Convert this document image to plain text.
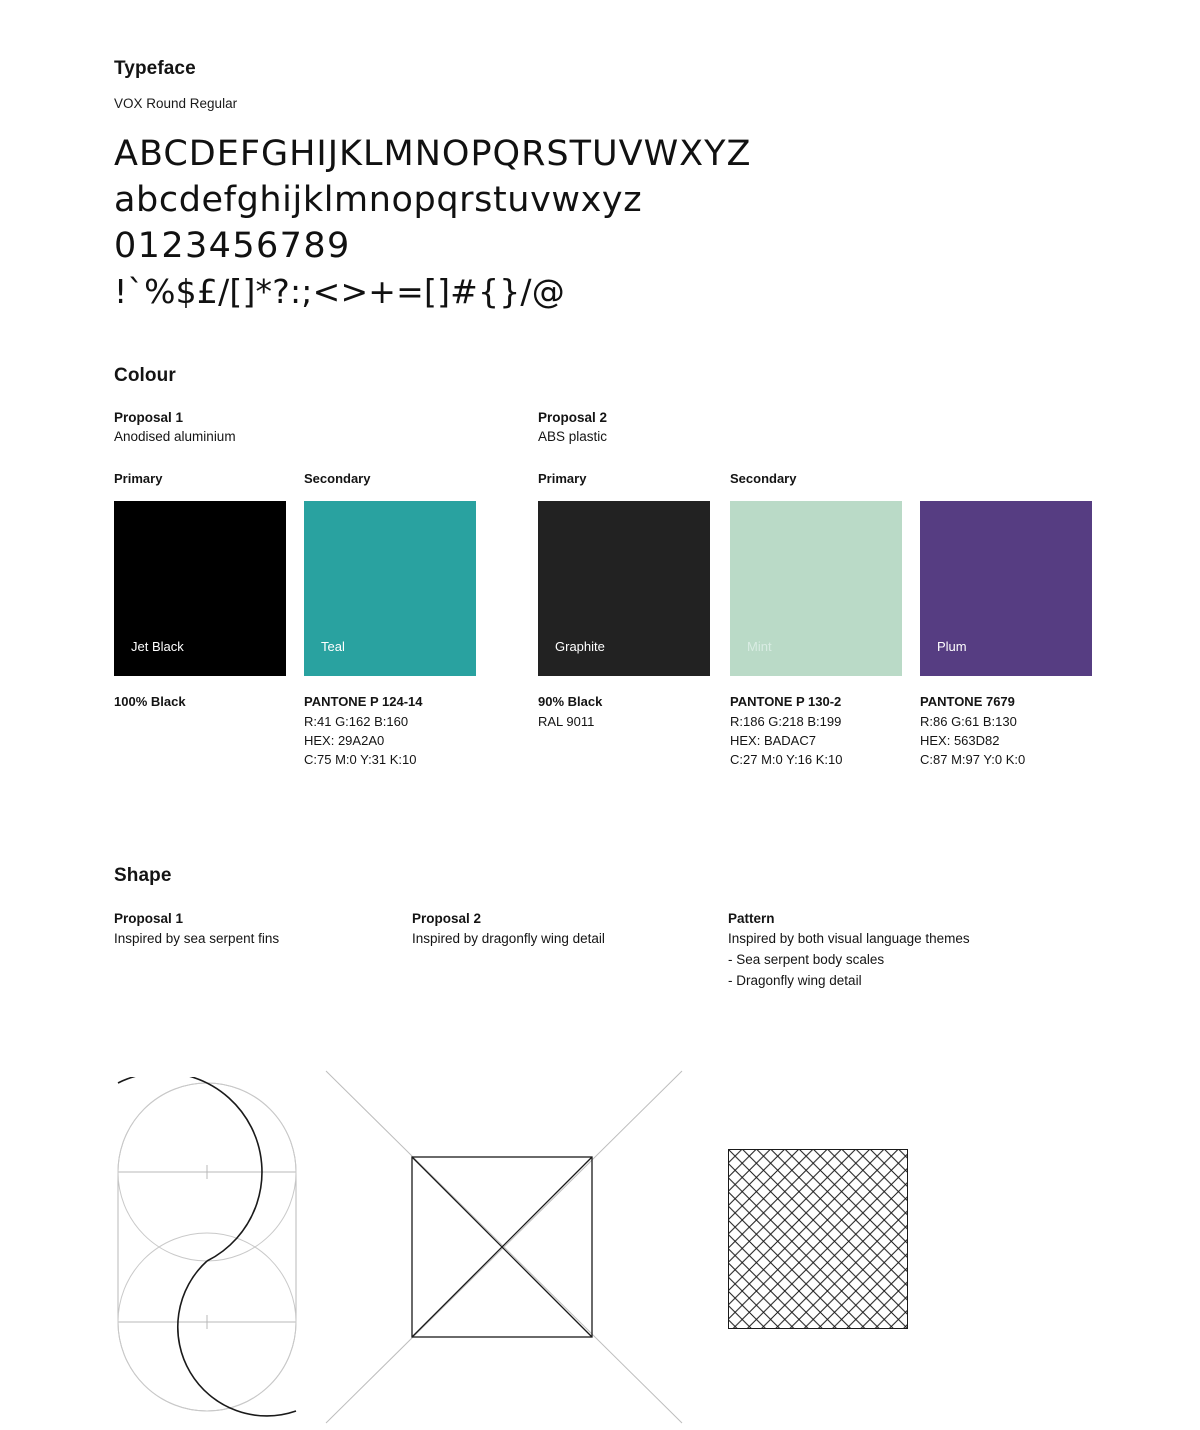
Typeface
VOX Round Regular
ABCDEFGHIJKLMNOPQRSTUVWXYZ
abcdefghijklmnopqrstuvwxyz
0123456789
!`%$£/[]*?:;<>+=[]#{}/@
Colour
Proposal 1
Anodised aluminium
Proposal 2
ABS plastic
Primary	Secondary	Primary	Secondary
Jet Black	Teal	Graphite	Mint	Plum
100% Black	PANTONE P 124-14
R:41 G:162 B:160
HEX: 29A2A0
C:75 M:0 Y:31 K:10
90% Black
RAL 9011
PANTONE P 130-2
R:186 G:218 B:199
HEX: BADAC7
C:27 M:0 Y:16 K:10
PANTONE 7679
R:86 G:61 B:130
HEX: 563D82
C:87 M:97 Y:0 K:0
Shape
Proposal 1
Inspired by sea serpent fins
Proposal 2
Inspired by dragonfly wing detail
Pattern
Inspired by both visual language themes
- Sea serpent body scales
- Dragonfly wing detail
